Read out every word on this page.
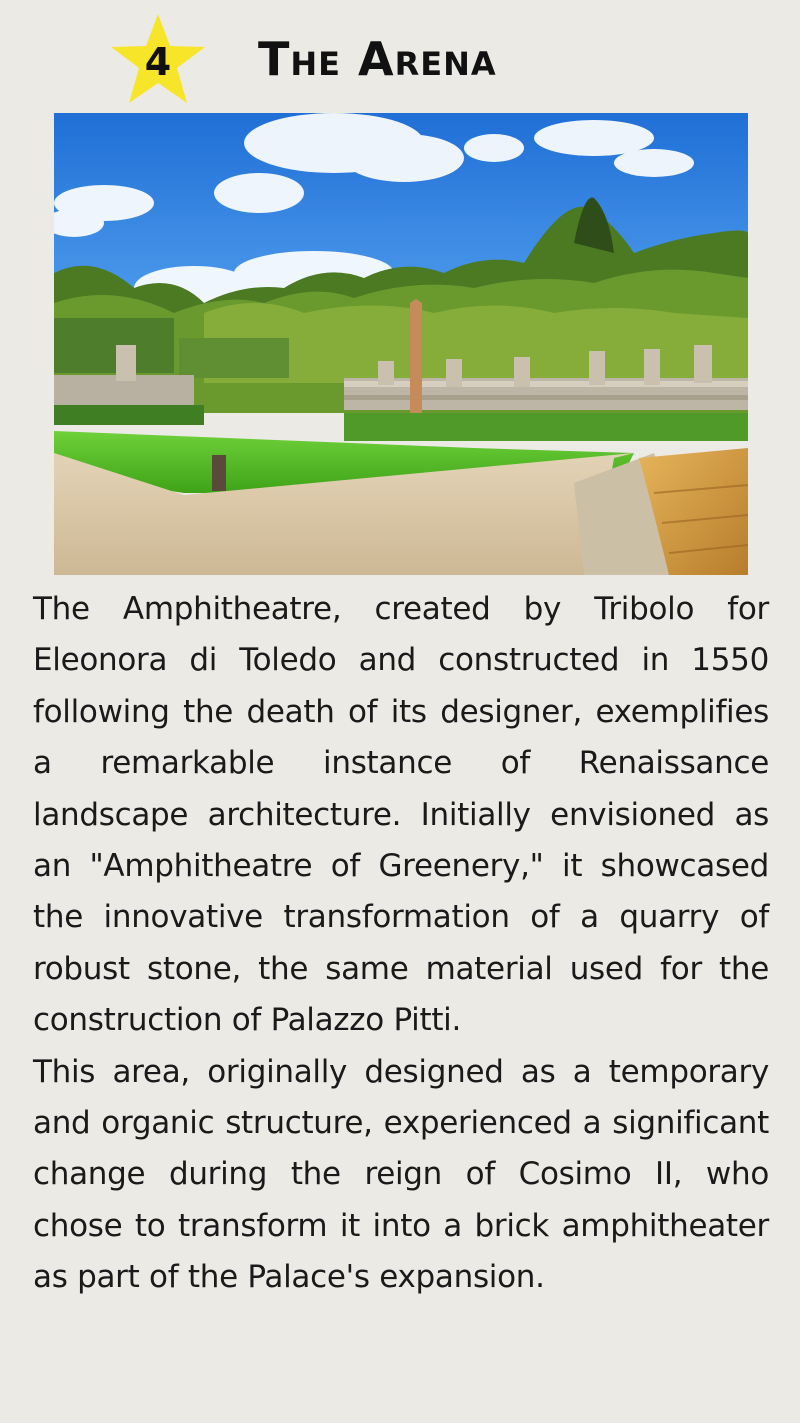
4	The Arena

The Amphitheatre, created by Tribolo for Eleonora di Toledo and constructed in 1550 following the death of its designer, exemplifies a remarkable instance of Renaissance landscape architecture. Initially envisioned as an "Amphitheatre of Greenery," it showcased the innovative transformation of a quarry of robust stone, the same material used for the construction of Palazzo Pitti.

This area, originally designed as a temporary and organic structure, experienced a significant change during the reign of Cosimo II, who chose to transform it into a brick amphitheater as part of the Palace's expansion.
